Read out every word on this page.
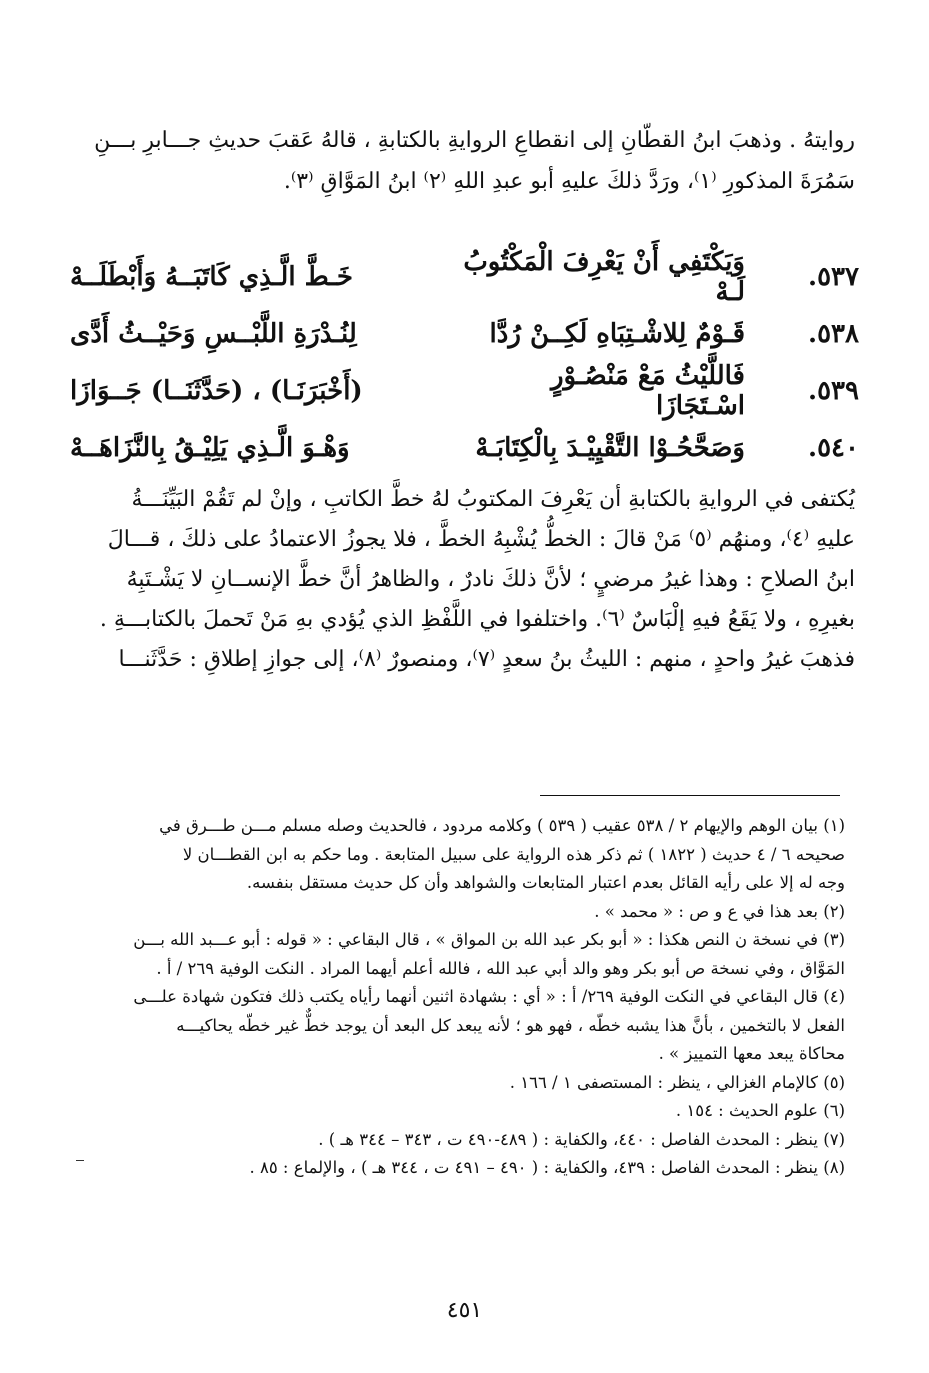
روايتهُ . وذهبَ ابنُ القطّانِ إلى انقطاعِ الروايةِ بالكتابةِ ، قالهُ عَقبَ حديثِ جـــابرِ بـــنِ

سَمُرَةَ المذكورِ ⁽١⁾، ورَدَّ ذلكَ عليهِ أبو عبدِ اللهِ ⁽٢⁾ ابنُ المَوَّاقِ ⁽٣⁾.

٥٣٧.
وَيَكْتَفِي أَنْ يَعْرِفَ الْمَكْتُوبُ لَـهْ
خَـطَّ الَّـذِي كَاتَبَــهُ وَأَبْطَلَــهْ
٥٣٨.
قَـوْمٌ لِلاشْـتِبَاهِ لَكِــنْ رُدَّا
لِنُـدْرَةِ اللَّبْــسِ وَحَيْــثُ أَدَّى
٥٣٩.
فَاللَّيْثُ مَعْ مَنْصُـوْرٍ اسْـتَجَازَا
(أَخْبَرَنَـا) ، (حَدَّثَنَــا) جَــوَازَا
٥٤٠.
وَصَحَّحُـوْا التَّقْيِيْـدَ بِالْكِتَابَـهْ
وَهْـوَ الَّـذِي يَلِيْـقُ بِالنَّزَاهَــهْ

يُكتفى في الروايةِ بالكتابةِ أن يَعْرِفَ المكتوبُ لهُ خطَّ الكاتبِ ، وإنْ لم تَقُمْ البَيِّنَـــةُ

عليهِ ⁽٤⁾، ومنهُم ⁽٥⁾ مَنْ قالَ : الخطُّ يُشْبِهُ الخطَّ ، فلا يجوزُ الاعتمادُ على ذلكَ ، قـــالَ

ابنُ الصلاحِ : وهذا غيرُ مرضيٍ ؛ لأنَّ ذلكَ نادرٌ ، والظاهرُ أنَّ خطَّ الإنســانِ لا يَشْـتَبِهُ

بغيرِهِ ، ولا يَقَعُ فيهِ إلْبَاسٌ ⁽٦⁾. واختلفوا في اللَّفْظِ الذي يُؤدي بهِ مَنْ تَحملَ بالكتابـــةِ .

فذهبَ غيرُ واحدٍ ، منهم : الليثُ بنُ سعدٍ ⁽٧⁾، ومنصورٌ ⁽٨⁾، إلى جوازِ إطلاقِ : حَدَّثَنـــا

(١) بيان الوهم والإيهام ٢ / ٥٣٨ عقيب ( ٥٣٩ ) وكلامه مردود ، فالحديث وصله مسلم مـــن طـــرق في
صحيحه ٦ / ٤ حديث ( ١٨٢٢ ) ثم ذكر هذه الرواية على سبيل المتابعة . وما حكم به ابن القطـــان لا
وجه له إلا على رأيه القائل بعدم اعتبار المتابعات والشواهد وأن كل حديث مستقل بنفسه.
(٢) بعد هذا في ع و ص : « محمد » .
(٣) في نسخة ن النص هكذا : « أبو بكر عبد الله بن المواق » ، قال البقاعي : « قوله : أبو عـــبد الله بـــن
المَوَّاق ، وفي نسخة ص أبو بكر وهو والد أبي عبد الله ، فالله أعلم أيهما المراد . النكت الوفية ٢٦٩ / أ .
(٤) قال البقاعي في النكت الوفية ٢٦٩/ أ : « أي : بشهادة اثنين أنهما رأياه يكتب ذلك فتكون شهادة علـــى
الفعل لا بالتخمين ، بأنَّ هذا يشبه خطّه ، فهو هو ؛ لأنه يبعد كل البعد أن يوجد خطٌّ غير خطّه يحاكيـــه
محاكاة يبعد معها التمييز » .
(٥) كالإمام الغزالي ، ينظر : المستصفى ١ / ١٦٦ .
(٦) علوم الحديث : ١٥٤ .
(٧) ينظر : المحدث الفاصل : ٤٤٠، والكفاية : ( ٤٨٩-٤٩٠ ت ، ٣٤٣ – ٣٤٤ هـ ) .
(٨) ينظر : المحدث الفاصل : ٤٣٩، والكفاية : ( ٤٩٠ – ٤٩١ ت ، ٣٤٤ هـ ) ، والإلماع : ٨٥ .
٤٥١
